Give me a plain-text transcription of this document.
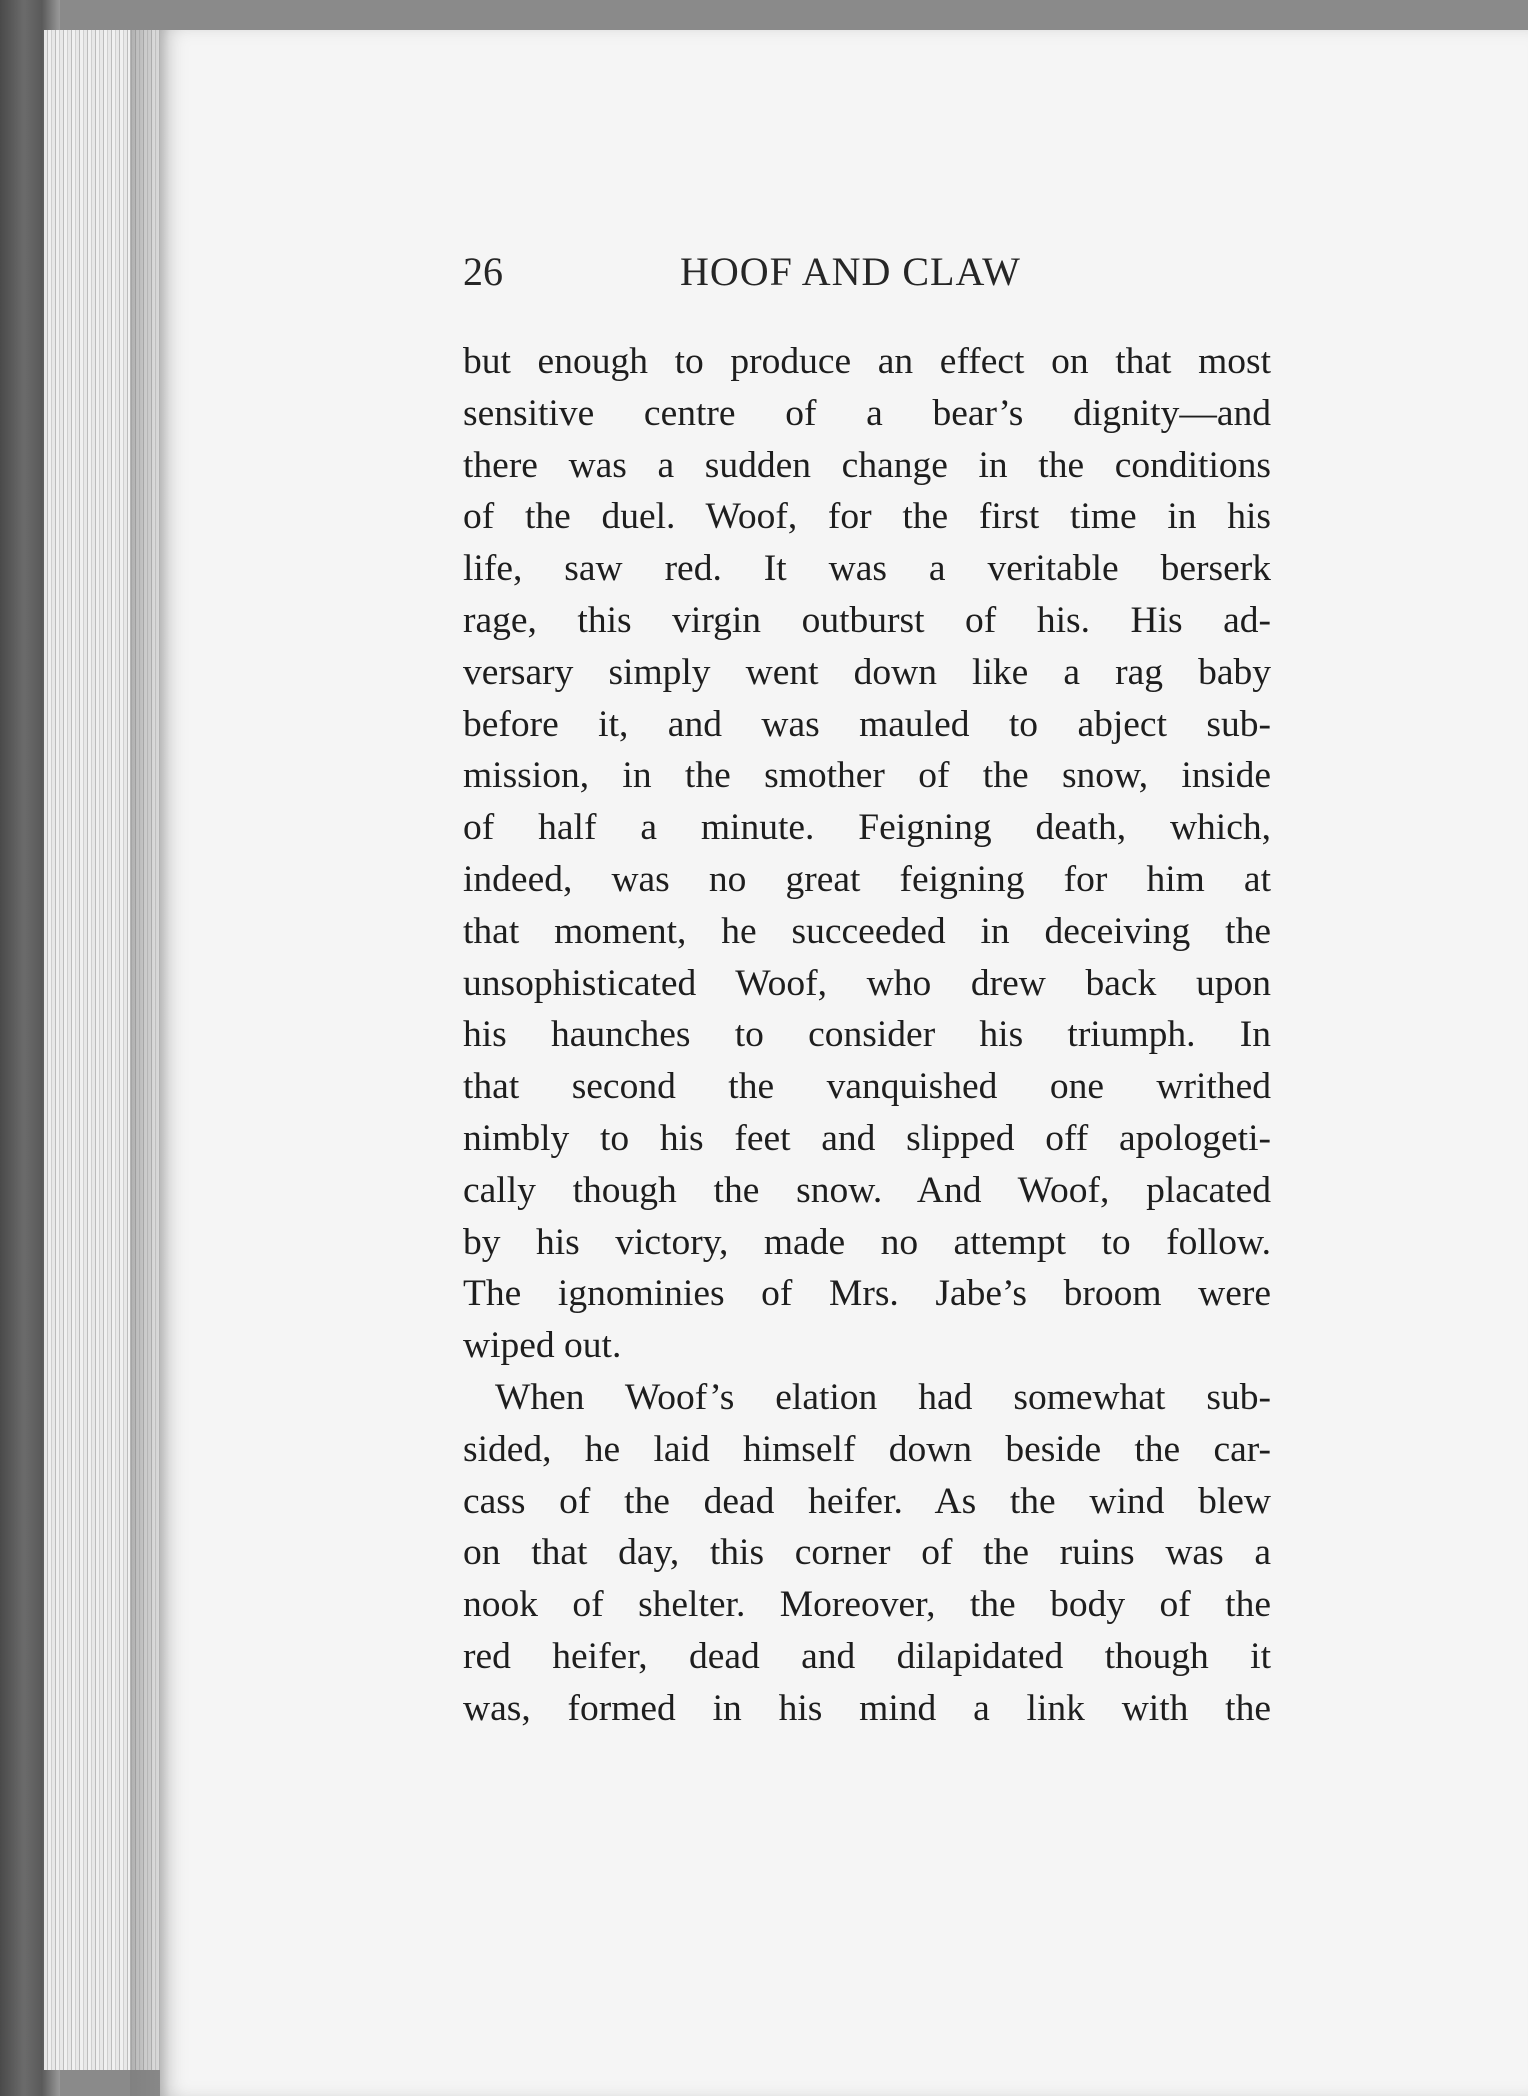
26	HOOF AND CLAW
but enough to produce an effect on that most
sensitive centre of a bear’s dignity—and
there was a sudden change in the conditions
of the duel. Woof, for the first time in his
life, saw red. It was a veritable berserk
rage, this virgin outburst of his. His ad-
versary simply went down like a rag baby
before it, and was mauled to abject sub-
mission, in the smother of the snow, inside
of half a minute. Feigning death, which,
indeed, was no great feigning for him at
that moment, he succeeded in deceiving the
unsophisticated Woof, who drew back upon
his haunches to consider his triumph. In
that second the vanquished one writhed
nimbly to his feet and slipped off apologeti-
cally though the snow. And Woof, placated
by his victory, made no attempt to follow.
The ignominies of Mrs. Jabe’s broom were
wiped out.
When Woof’s elation had somewhat sub-
sided, he laid himself down beside the car-
cass of the dead heifer. As the wind blew
on that day, this corner of the ruins was a
nook of shelter. Moreover, the body of the
red heifer, dead and dilapidated though it
was, formed in his mind a link with the
